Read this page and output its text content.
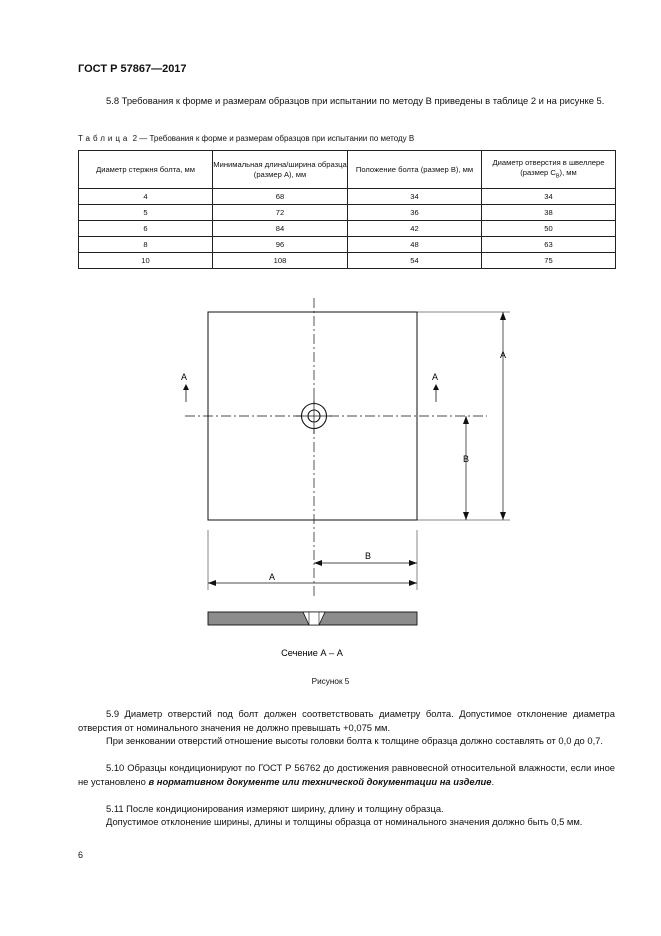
ГОСТ Р 57867—2017

5.8 Требования к форме и размерам образцов при испытании по методу В приведены в таблице 2 и на рисунке 5.

Таблица 2 — Требования к форме и размерам образцов при испытании по методу В

Диаметр стержня болта, мм	Минимальная длина/ширина образца (размер А), мм	Положение болта (размер В), мм	Диаметр отверстия в швеллере (размер $C_B$), мм
4	68	34	34
5	72	36	38
6	84	42	50
8	96	48	63
10	108	54	75
А	А
А
В
В
А
Сечение А – А

Рисунок 5

5.9 Диаметр отверстий под болт должен соответствовать диаметру болта. Допустимое отклонение диаметра отверстия от номинального значения не должно превышать +0,075 мм.

При зенковании отверстий отношение высоты головки болта к толщине образца должно составлять от 0,0 до 0,7.

5.10 Образцы кондиционируют по ГОСТ Р 56762 до достижения равновесной относительной влажности, если иное не установлено в нормативном документе или технической документации на изделие.

5.11 После кондиционирования измеряют ширину, длину и толщину образца.

Допустимое отклонение ширины, длины и толщины образца от номинального значения должно быть 0,5 мм.

6
